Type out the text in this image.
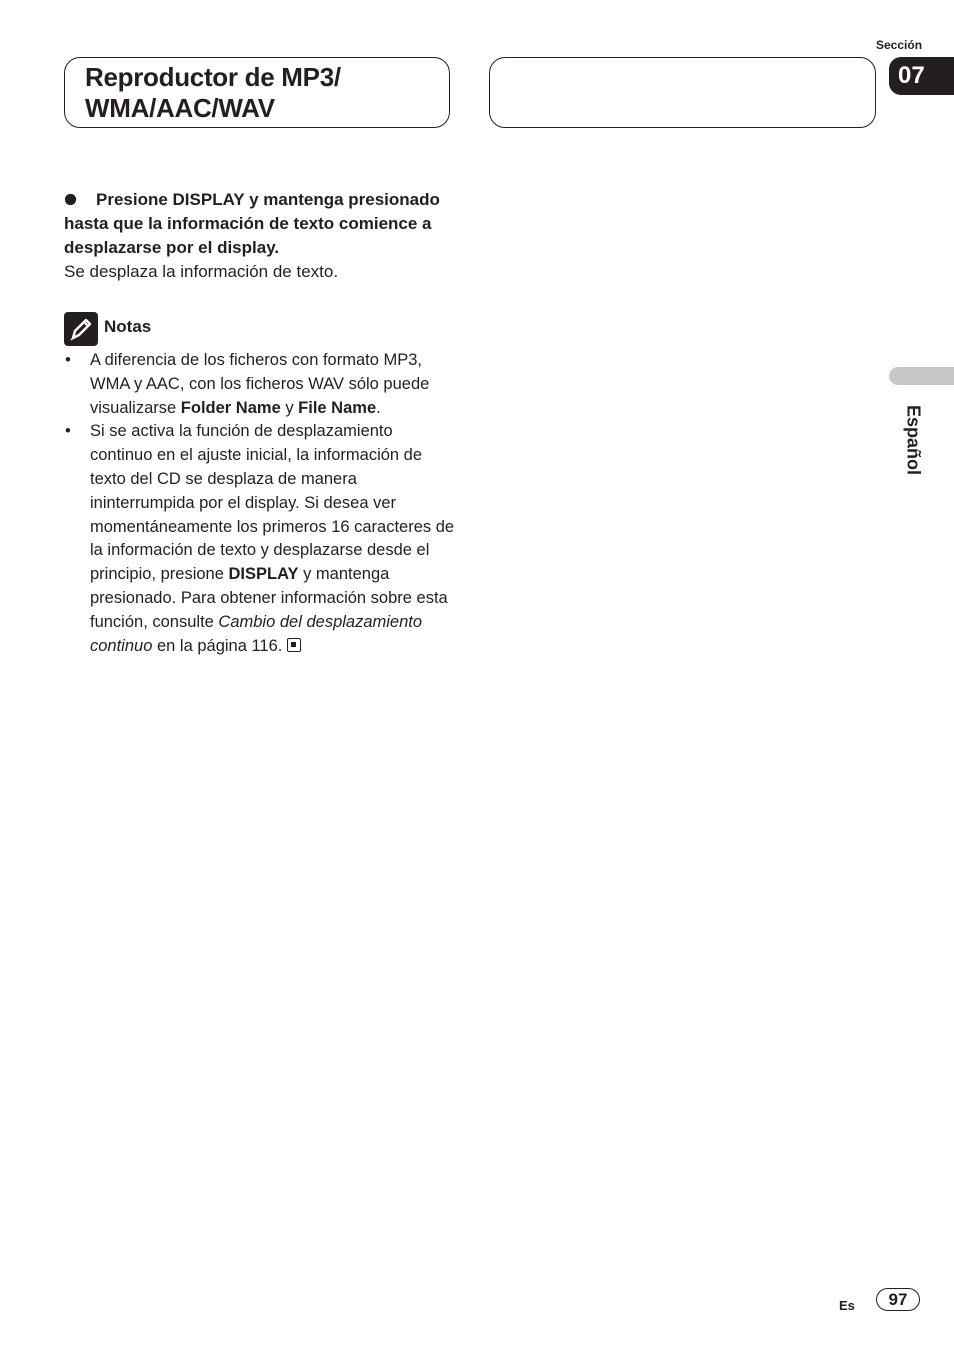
Reproductor de MP3/
WMA/AAC/WAV
Sección
07
Español
Presione DISPLAY y mantenga presionado hasta que la información de texto comience a desplazarse por el display.
Se desplaza la información de texto.
Notas
• A diferencia de los ficheros con formato MP3, WMA y AAC, con los ficheros WAV sólo puede visualizarse Folder Name y File Name.
• Si se activa la función de desplazamiento continuo en el ajuste inicial, la información de texto del CD se desplaza de manera ininterrumpida por el display. Si desea ver momentáneamente los primeros 16 caracteres de la información de texto y desplazarse desde el principio, presione DISPLAY y mantenga presionado. Para obtener información sobre esta función, consulte Cambio del desplazamiento continuo en la página 116.
Es	97
